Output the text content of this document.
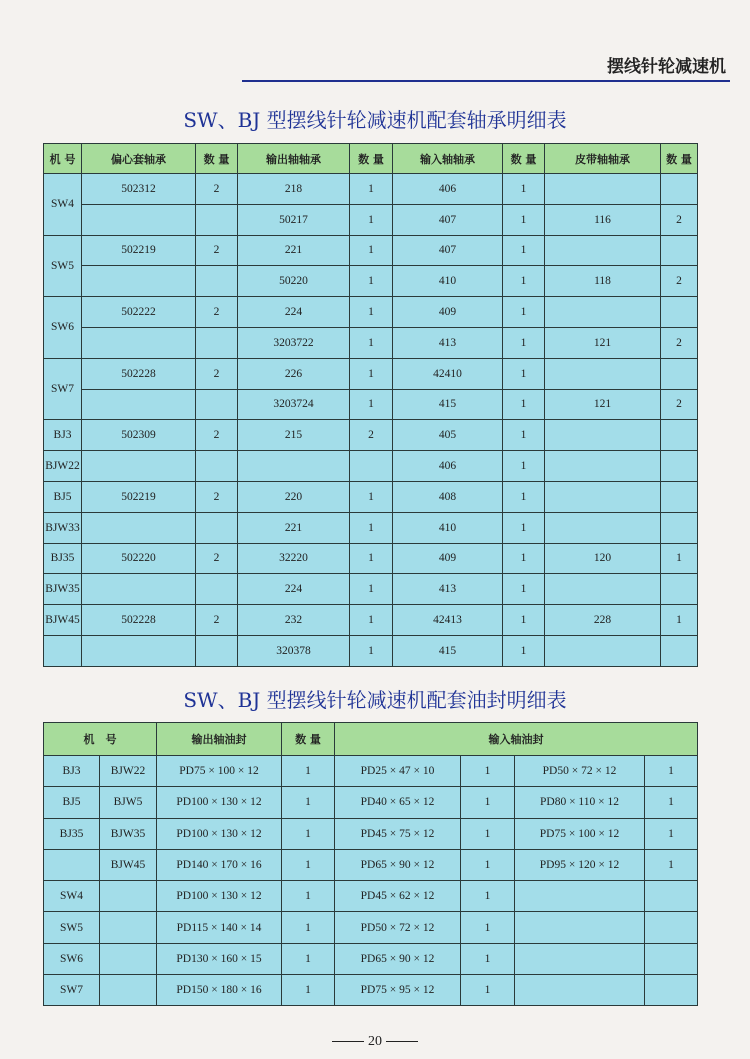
摆线针轮减速机
SW、BJ 型摆线针轮减速机配套轴承明细表
机 号	偏心套轴承	数 量	输出轴轴承	数 量	输入轴轴承	数 量	皮带轴轴承	数 量
SW4	502312	2	218	1	406	1		
			50217	1	407	1	116	2
SW5	502219	2	221	1	407	1		
			50220	1	410	1	118	2
SW6	502222	2	224	1	409	1		
			3203722	1	413	1	121	2
SW7	502228	2	226	1	42410	1		
			3203724	1	415	1	121	2
BJ3	502309	2	215	2	405	1		
BJW22					406	1		
BJ5	502219	2	220	1	408	1		
BJW33			221	1	410	1		
BJ35	502220	2	32220	1	409	1	120	1
BJW35			224	1	413	1		
BJW45	502228	2	232	1	42413	1	228	1
			320378	1	415	1		
SW、BJ 型摆线针轮减速机配套油封明细表
机　号		输出轴油封	数 量	输入轴油封			
BJ3	BJW22	PD75 × 100 × 12	1	PD25 × 47 × 10	1	PD50 × 72 × 12	1
BJ5	BJW5	PD100 × 130 × 12	1	PD40 × 65 × 12	1	PD80 × 110 × 12	1
BJ35	BJW35	PD100 × 130 × 12	1	PD45 × 75 × 12	1	PD75 × 100 × 12	1
	BJW45	PD140 × 170 × 16	1	PD65 × 90 × 12	1	PD95 × 120 × 12	1
SW4		PD100 × 130 × 12	1	PD45 × 62 × 12	1		
SW5		PD115 × 140 × 14	1	PD50 × 72 × 12	1		
SW6		PD130 × 160 × 15	1	PD65 × 90 × 12	1		
SW7		PD150 × 180 × 16	1	PD75 × 95 × 12	1		
20
